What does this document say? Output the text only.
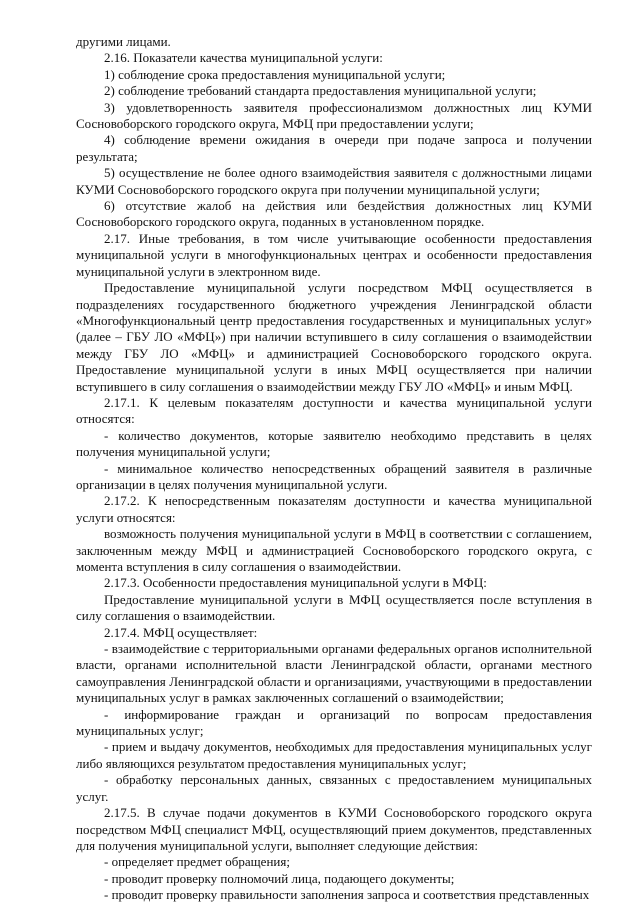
другими лицами.

2.16. Показатели качества муниципальной услуги:

1) соблюдение срока предоставления муниципальной услуги;

2) соблюдение требований стандарта предоставления муниципальной услуги;

3) удовлетворенность заявителя профессионализмом должностных лиц КУМИ Сосновоборского городского округа, МФЦ при предоставлении услуги;

4) соблюдение времени ожидания в очереди при подаче запроса и получении результата;

5) осуществление не более одного взаимодействия заявителя с должностными лицами КУМИ Сосновоборского городского округа при получении муниципальной услуги;

6) отсутствие жалоб на действия или бездействия должностных лиц КУМИ Сосновоборского городского округа, поданных в установленном порядке.

2.17. Иные требования, в том числе учитывающие особенности предоставления муниципальной услуги в многофункциональных центрах и особенности предоставления муниципальной услуги в электронном виде.

Предоставление муниципальной услуги посредством МФЦ осуществляется в подразделениях государственного бюджетного учреждения Ленинградской области «Многофункциональный центр предоставления государственных и муниципальных услуг» (далее – ГБУ ЛО «МФЦ») при наличии вступившего в силу соглашения о взаимодействии между ГБУ ЛО «МФЦ» и администрацией Сосновоборского городского округа. Предоставление муниципальной услуги в иных МФЦ осуществляется при наличии вступившего в силу соглашения о взаимодействии между ГБУ ЛО «МФЦ» и иным МФЦ.

2.17.1. К целевым показателям доступности и качества муниципальной услуги относятся:

- количество документов, которые заявителю необходимо представить в целях получения муниципальной услуги;

- минимальное количество непосредственных обращений заявителя в различные организации в целях получения муниципальной услуги.

2.17.2. К непосредственным показателям доступности и качества муниципальной услуги относятся:

возможность получения муниципальной услуги в МФЦ в соответствии с соглашением, заключенным между МФЦ и администрацией Сосновоборского городского округа, с момента вступления в силу соглашения о взаимодействии.

2.17.3. Особенности предоставления муниципальной услуги в МФЦ:

Предоставление муниципальной услуги в МФЦ осуществляется после вступления в силу соглашения о взаимодействии.

2.17.4. МФЦ осуществляет:

- взаимодействие с территориальными органами федеральных органов исполнительной власти, органами исполнительной власти Ленинградской области, органами местного самоуправления Ленинградской области и организациями, участвующими в предоставлении муниципальных услуг в рамках заключенных соглашений о взаимодействии;

- информирование граждан и организаций по вопросам предоставления муниципальных услуг;

- прием и выдачу документов, необходимых для предоставления муниципальных услуг либо являющихся результатом предоставления муниципальных услуг;

- обработку персональных данных, связанных с предоставлением муниципальных услуг.

2.17.5. В случае подачи документов в КУМИ Сосновоборского городского округа посредством МФЦ специалист МФЦ, осуществляющий прием документов, представленных для получения муниципальной услуги, выполняет следующие действия:

- определяет предмет обращения;

- проводит проверку полномочий лица, подающего документы;

- проводит проверку правильности заполнения запроса и соответствия представленных
